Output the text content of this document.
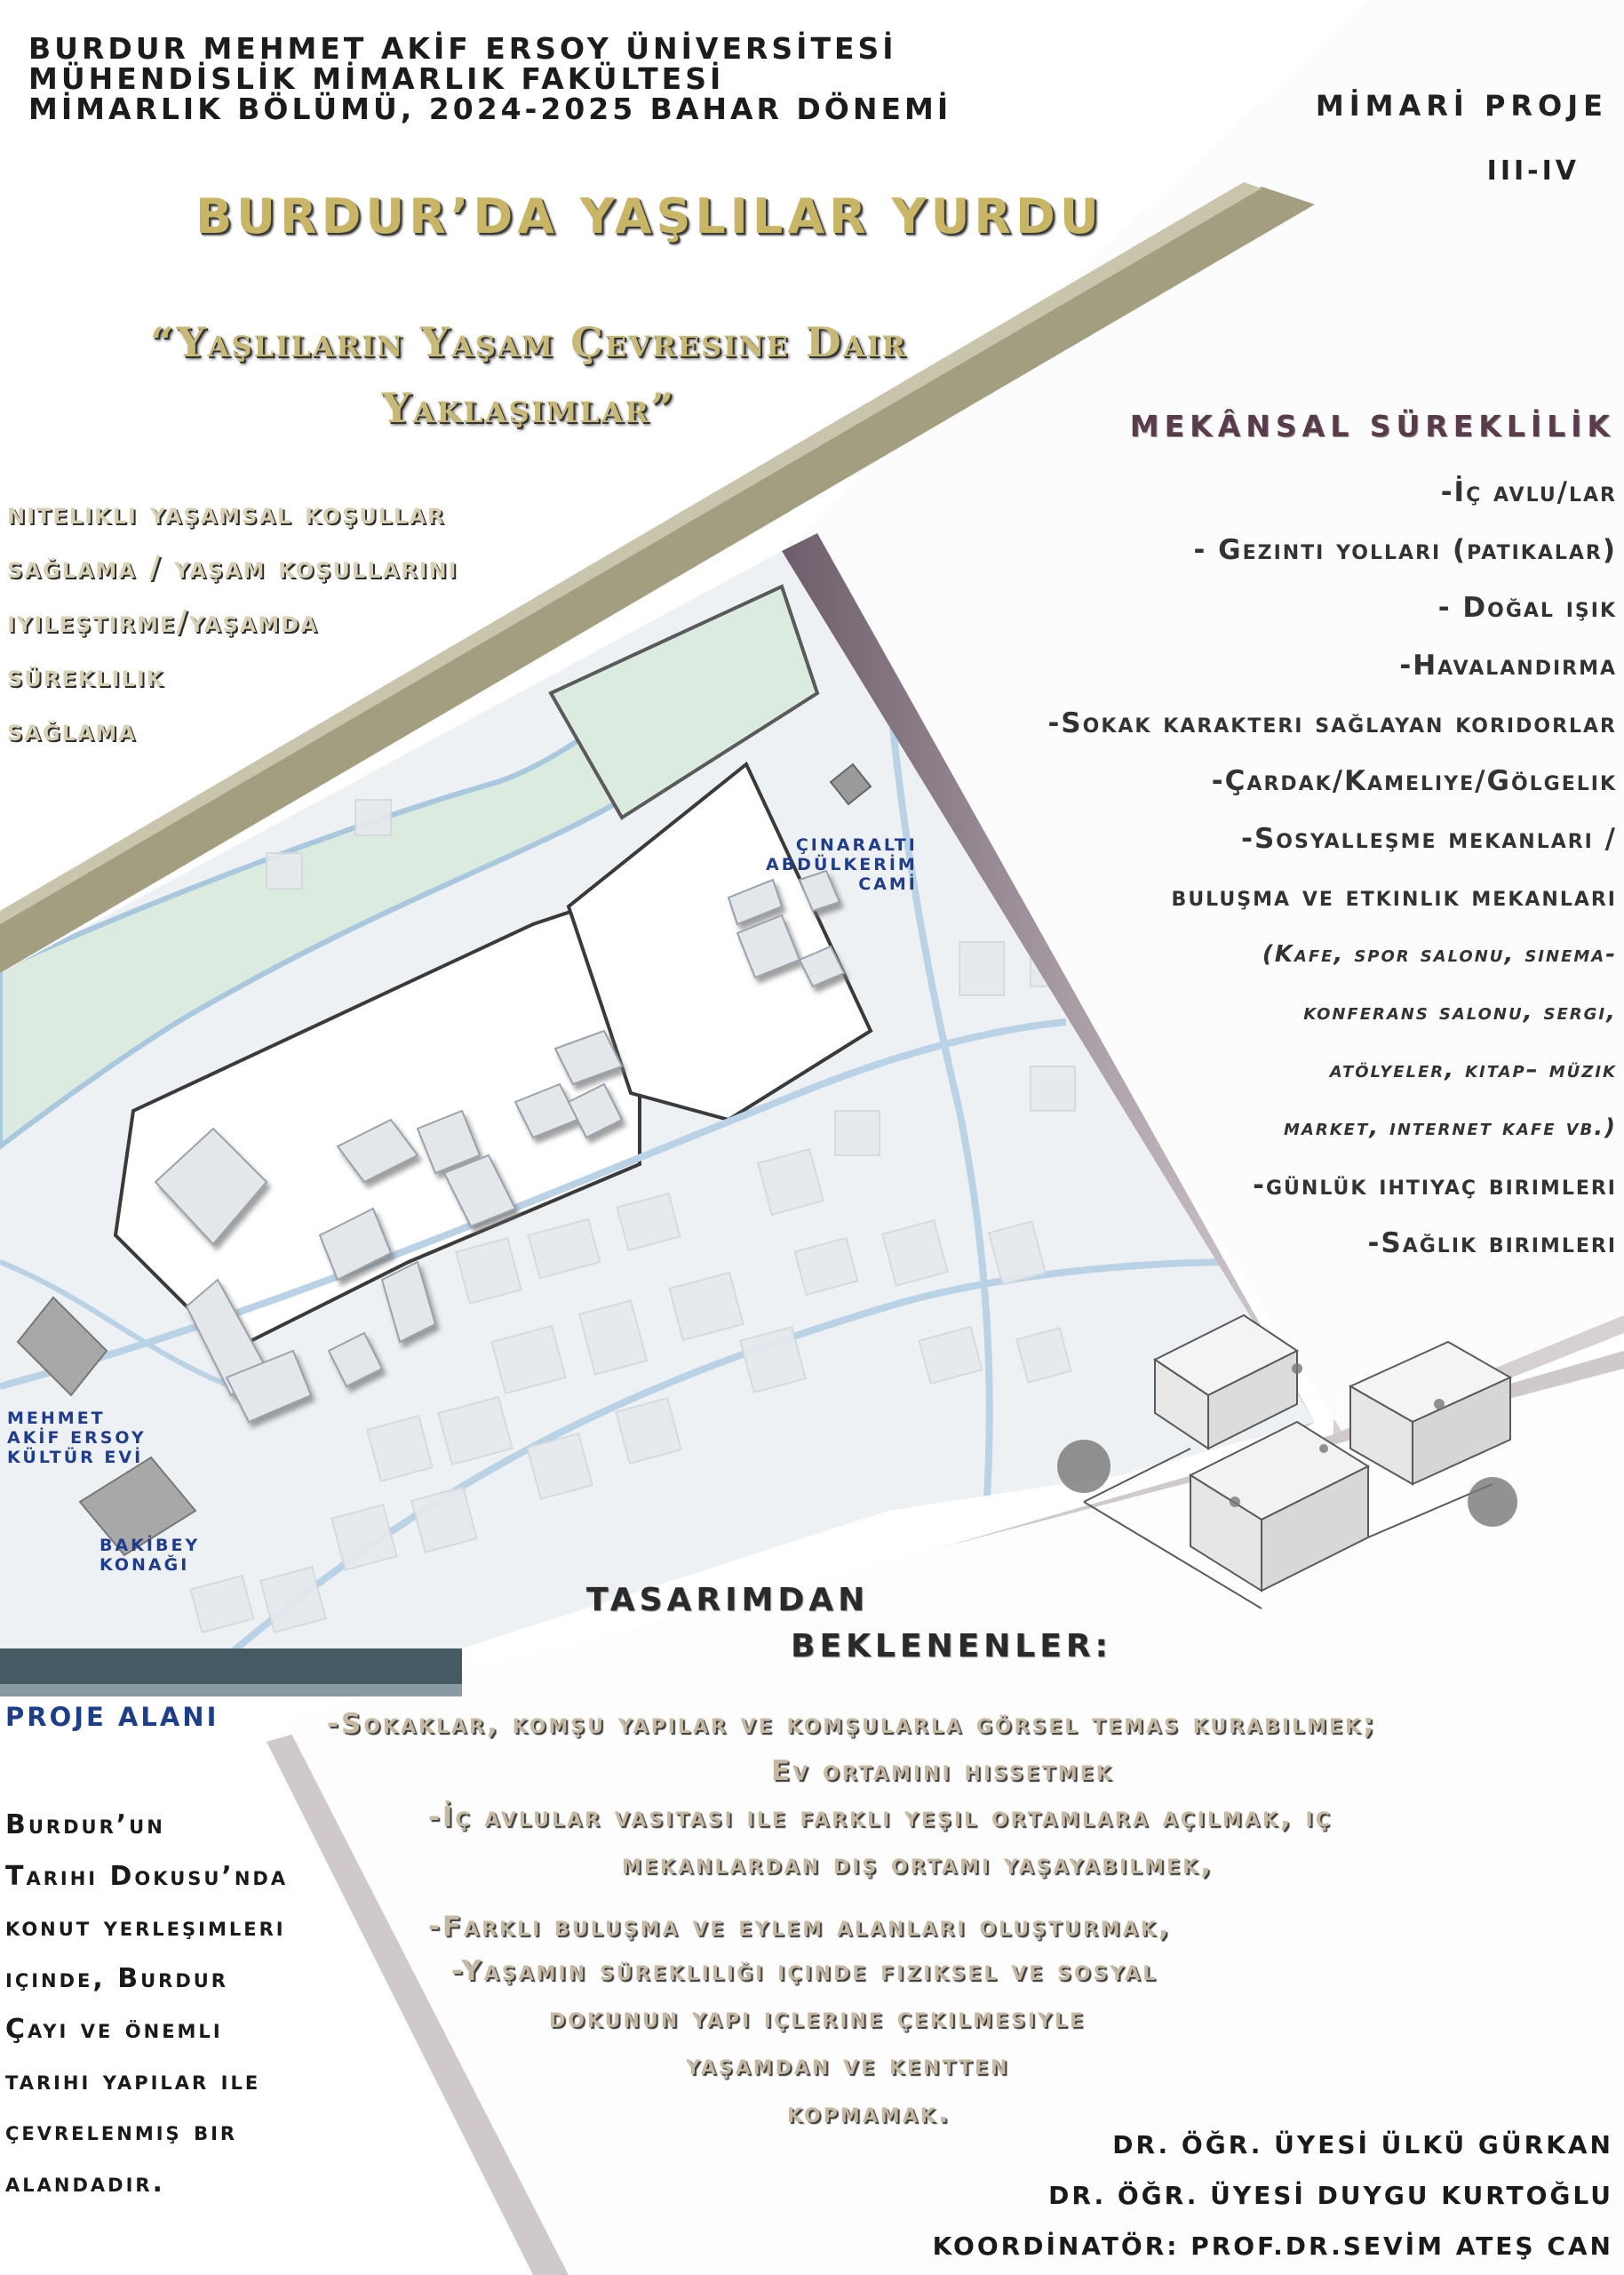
BURDUR MEHMET AKİF ERSOY ÜNİVERSİTESİ
MÜHENDİSLİK MİMARLIK FAKÜLTESİ
MİMARLIK BÖLÜMÜ, 2024-2025 BAHAR DÖNEMİ	MİMARİ PROJE
III-IV
BURDUR’DA YAŞLILAR YURDU
“Yaşlıların Yaşam Çevresine Dair
Yaklaşımlar”
nitelikli yaşamsal koşullar
sağlama / yaşam koşullarını
iyileştirme/yaşamda
süreklilik
sağlama
MEKÂNSAL SÜREKLİLİK
-İç avlu/lar
- Gezinti yolları (patikalar)
- Doğal ışık
-Havalandırma
-Sokak karakteri sağlayan koridorlar
-Çardak/Kameliye/Gölgelik
-Sosyalleşme mekanları /
buluşma ve etkinlik mekanları
(Kafe, spor salonu, sinema-
konferans salonu, sergi,
atölyeler, kitap– müzik
market, internet kafe vb.)
-günlük ihtiyaç birimleri
-Sağlık birimleri
ÇINARALTI
ABDÜLKERİM
CAMİ
MEHMET
AKİF ERSOY
KÜLTÜR EVİ
BAKİBEY
KONAĞI
TASARIMDAN
BEKLENENLER:
-Sokaklar, komşu yapılar ve komşularla görsel temas kurabilmek;
Ev ortamını hissetmek
-İç avlular vasıtası ile farklı yeşil ortamlara açılmak, iç
mekanlardan dış ortamı yaşayabilmek,
-Farklı buluşma ve eylem alanları oluşturmak,
-Yaşamın sürekliliği içinde fiziksel ve sosyal
dokunun yapı içlerine çekilmesiyle
yaşamdan ve kentten
kopmamak.
PROJE ALANI
Burdur’un
Tarihi Dokusu’nda
konut yerleşimleri
içinde, Burdur
Çayı ve önemli
tarihi yapılar ile
çevrelenmiş bir
alandadır.
DR. ÖĞR. ÜYESİ ÜLKÜ GÜRKAN
DR. ÖĞR. ÜYESİ DUYGU KURTOĞLU
KOORDİNATÖR: PROF.DR.SEVİM ATEŞ CAN
